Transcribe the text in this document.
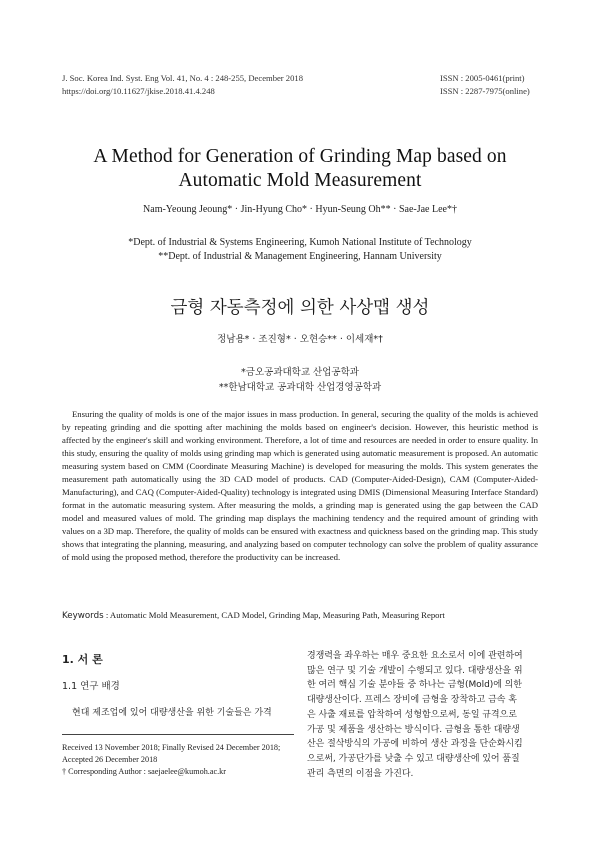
J. Soc. Korea Ind. Syst. Eng Vol. 41, No. 4 : 248-255, December 2018
https://doi.org/10.11627/jkise.2018.41.4.248
ISSN : 2005-0461(print)
ISSN : 2287-7975(online)
A Method for Generation of Grinding Map based on
Automatic Mold Measurement
Nam-Yeoung Jeoung* · Jin-Hyung Cho* · Hyun-Seung Oh** · Sae-Jae Lee*†
*Dept. of Industrial & Systems Engineering, Kumoh National Institute of Technology
**Dept. of Industrial & Management Engineering, Hannam University
금형 자동측정에 의한 사상맵 생성
정남용* · 조진형* · 오현승** · 이세재*†
*금오공과대학교 산업공학과
**한남대학교 공과대학 산업경영공학과

Ensuring the quality of molds is one of the major issues in mass production. In general, securing the quality of the molds is achieved by repeating grinding and die spotting after machining the molds based on engineer's decision. However, this heuristic method is affected by the engineer's skill and working environment. Therefore, a lot of time and resources are needed in order to ensure quality. In this study, ensuring the quality of molds using grinding map which is generated using automatic measurement is proposed. An automatic measuring system based on CMM (Coordinate Measuring Machine) is developed for measuring the molds. This system generates the measurement path automatically using the 3D CAD model of products. CAD (Computer-Aided-Design), CAM (Computer-Aided-Manufacturing), and CAQ (Computer-Aided-Quality) technology is integrated using DMIS (Dimensional Measuring Interface Standard) format in the automatic measuring system. After measuring the molds, a grinding map is generated using the gap between the CAD model and measured values of mold. The grinding map displays the machining tendency and the required amount of grinding with values on a 3D map. Therefore, the quality of molds can be ensured with exactness and quickness based on the grinding map. This study shows that integrating the planning, measuring, and analyzing based on computer technology can solve the problem of quality assurance of mold using the proposed method, therefore the productivity can be increased.

Keywords : Automatic Mold Measurement, CAD Model, Grinding Map, Measuring Path, Measuring Report
1. 서 론
1.1 연구 배경
현대 제조업에 있어 대량생산을 위한 기술들은 가격
Received 13 November 2018; Finally Revised 24 December 2018;
Accepted 26 December 2018
† Corresponding Author : saejaelee@kumoh.ac.kr
경쟁력을 좌우하는 매우 중요한 요소로서 이에 관련하여
많은 연구 및 기술 개발이 수행되고 있다. 대량생산을 위
한 여러 핵심 기술 분야들 중 하나는 금형(Mold)에 의한
대량생산이다. 프레스 장비에 금형을 장착하고 금속 혹
은 사출 재료를 압착하여 성형함으로써, 동일 규격으로
가공 및 제품을 생산하는 방식이다. 금형을 통한 대량생
산은 절삭방식의 가공에 비하여 생산 과정을 단순화시킴
으로써, 가공단가를 낮출 수 있고 대량생산에 있어 품질
관리 측면의 이점을 가진다.
